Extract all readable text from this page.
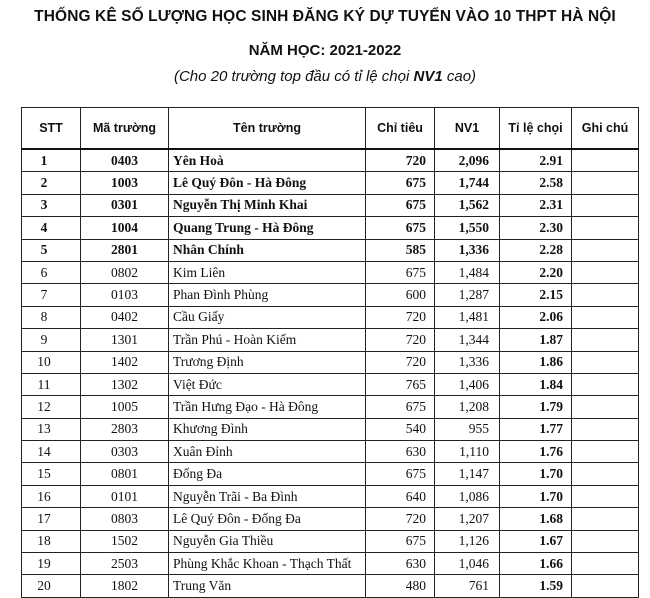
THỐNG KÊ SỐ LƯỢNG HỌC SINH ĐĂNG KÝ DỰ TUYỂN VÀO 10 THPT HÀ NỘI
NĂM HỌC: 2021-2022
(Cho 20 trường top đầu có tỉ lệ chọi NV1 cao)
STT	Mã trường	Tên trường	Chỉ tiêu	NV1	Tỉ lệ chọi	Ghi chú
1	0403	Yên Hoà	720	2,096	2.91	
2	1003	Lê Quý Đôn - Hà Đông	675	1,744	2.58	
3	0301	Nguyễn Thị Minh Khai	675	1,562	2.31	
4	1004	Quang Trung - Hà Đông	675	1,550	2.30	
5	2801	Nhân Chính	585	1,336	2.28	
6	0802	Kim Liên	675	1,484	2.20	
7	0103	Phan Đình Phùng	600	1,287	2.15	
8	0402	Cầu Giấy	720	1,481	2.06	
9	1301	Trần Phú - Hoàn Kiếm	720	1,344	1.87	
10	1402	Trương Định	720	1,336	1.86	
11	1302	Việt Đức	765	1,406	1.84	
12	1005	Trần Hưng Đạo - Hà Đông	675	1,208	1.79	
13	2803	Khương Đình	540	955	1.77	
14	0303	Xuân Đỉnh	630	1,110	1.76	
15	0801	Đống Đa	675	1,147	1.70	
16	0101	Nguyễn Trãi - Ba Đình	640	1,086	1.70	
17	0803	Lê Quý Đôn - Đống Đa	720	1,207	1.68	
18	1502	Nguyễn Gia Thiều	675	1,126	1.67	
19	2503	Phùng Khắc Khoan - Thạch Thất	630	1,046	1.66	
20	1802	Trung Văn	480	761	1.59	
